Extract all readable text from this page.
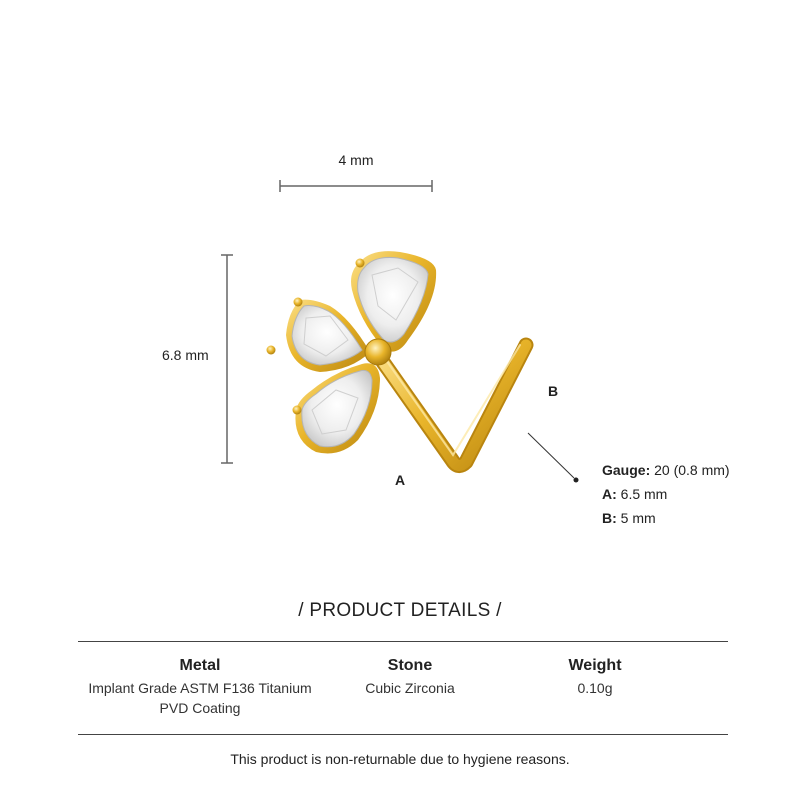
4 mm
6.8 mm
A
B
Gauge: 20 (0.8 mm)
A: 6.5 mm
B: 5 mm
/ PRODUCT DETAILS /
Metal
Implant Grade ASTM F136 Titanium
PVD Coating
Stone
Cubic Zirconia
Weight
0.10g
This product is non-returnable due to hygiene reasons.
